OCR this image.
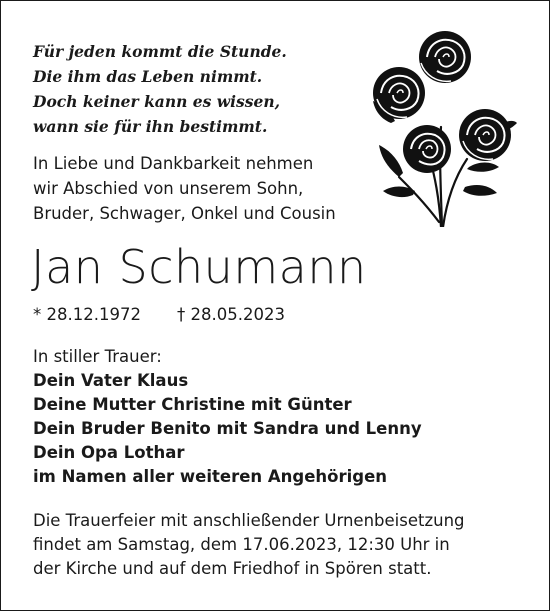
Für jeden kommt die Stunde.
Die ihm das Leben nimmt.
Doch keiner kann es wissen,
wann sie für ihn bestimmt.
In Liebe und Dankbarkeit nehmen
wir Abschied von unserem Sohn,
Bruder, Schwager, Onkel und Cousin
Jan Schumann
* 28.12.1972 † 28.05.2023
In stiller Trauer:
Dein Vater Klaus
Deine Mutter Christine mit Günter
Dein Bruder Benito mit Sandra und Lenny
Dein Opa Lothar
im Namen aller weiteren Angehörigen
Die Trauerfeier mit anschließender Urnenbeisetzung
findet am Samstag, dem 17.06.2023, 12:30 Uhr in
der Kirche und auf dem Friedhof in Spören statt.
